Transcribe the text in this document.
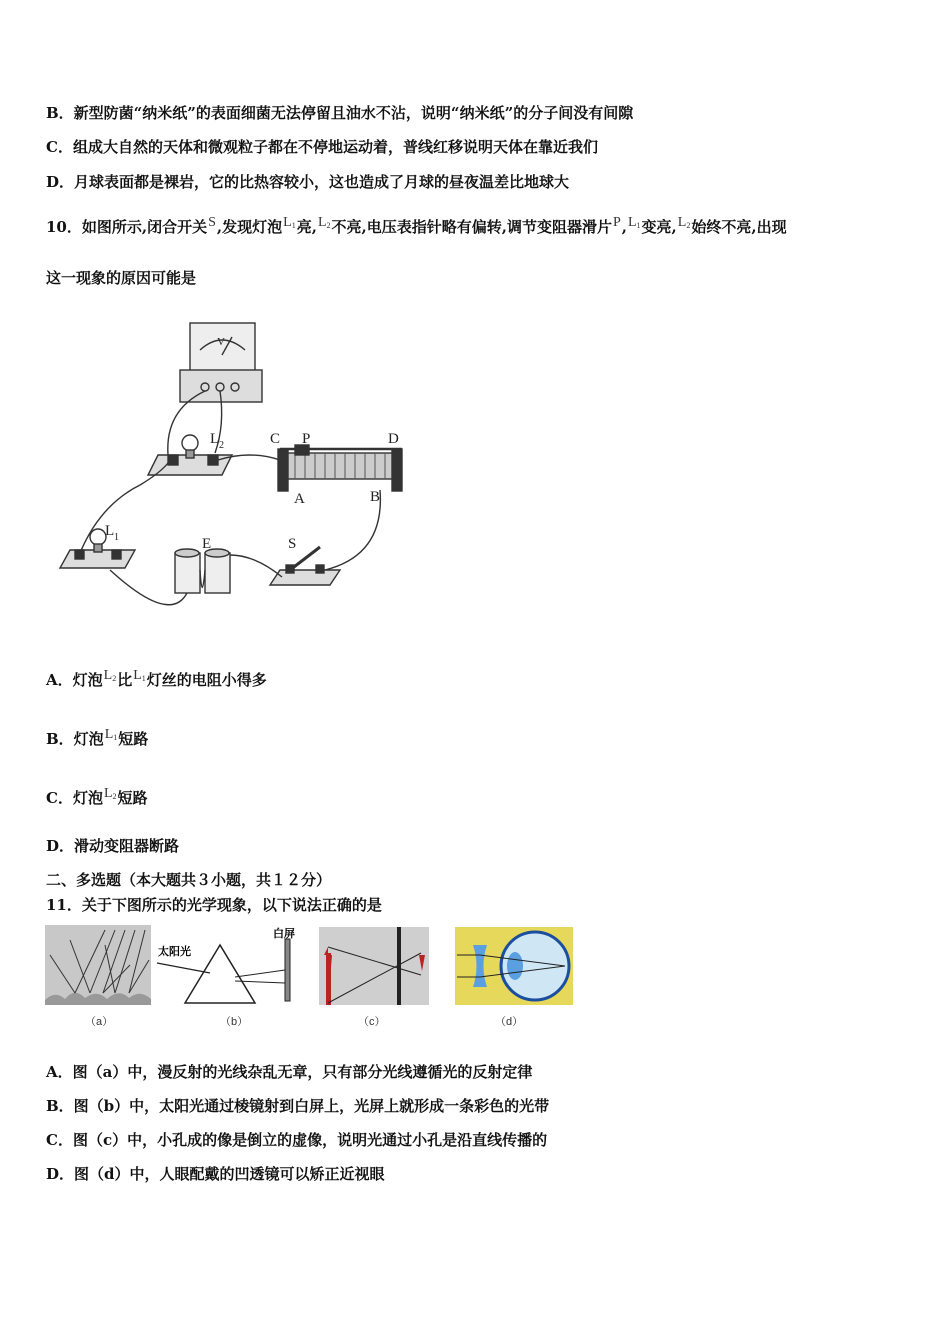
B．新型防菌“纳米纸”的表面细菌无法停留且油水不沾，说明“纳米纸”的分子间没有间隙
C．组成大自然的天体和微观粒子都在不停地运动着，普线红移说明天体在靠近我们
D．月球表面都是裸岩，它的比热容较小，这也造成了月球的昼夜温差比地球大
10．如图所示,闭合开关S,发现灯泡L1亮,L2不亮,电压表指针略有偏转,调节变阻器滑片P,L1变亮,L2始终不亮,出现
这一现象的原因可能是
V
C P	D
A	B
L 2
L 1	E	S
A．灯泡L2比L1灯丝的电阻小得多
B．灯泡L1短路
C．灯泡L2短路
D．滑动变阻器断路
二、多选题（本大题共３小题，共１２分）
11．关于下图所示的光学现象，以下说法正确的是
太阳光
白屏
（a）	（b）	（c）	（d）
A．图（a）中，漫反射的光线杂乱无章，只有部分光线遵循光的反射定律
B．图（b）中，太阳光通过棱镜射到白屏上，光屏上就形成一条彩色的光带
C．图（c）中，小孔成的像是倒立的虚像，说明光通过小孔是沿直线传播的
D．图（d）中，人眼配戴的凹透镜可以矫正近视眼
